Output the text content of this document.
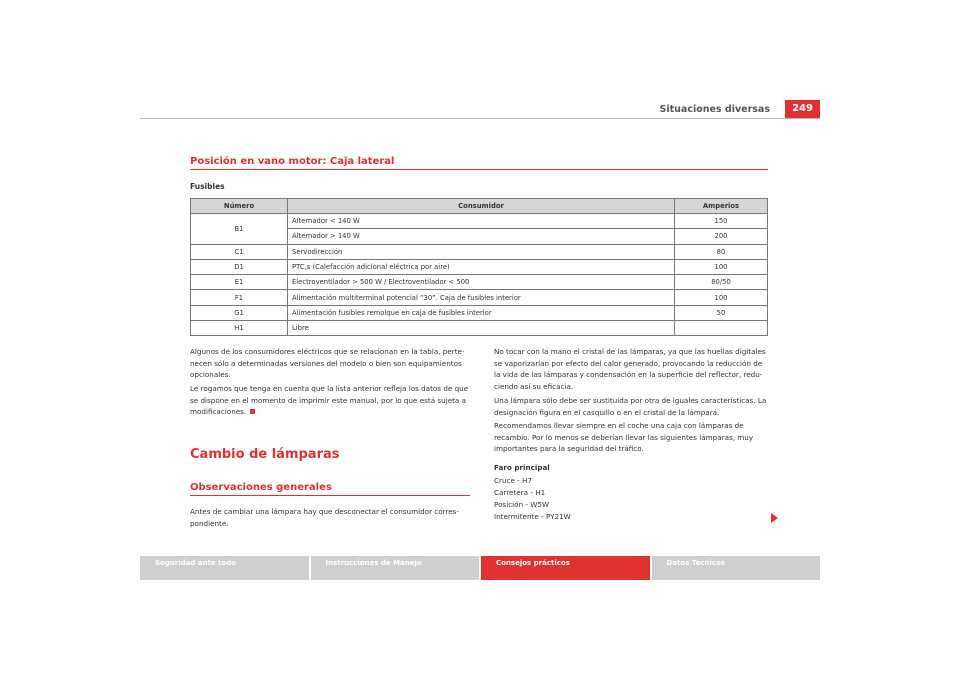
Situaciones diversas	249
Posición en vano motor: Caja lateral
Fusibles
Número	Consumidor	Amperios
B1	Alternador < 140 W	150
	Alternador > 140 W	200
C1	Servodirección	80
D1	PTC,s (Calefacción adicional eléctrica por aire)	100
E1	Electroventilador > 500 W / Electroventilador < 500	80/50
F1	Alimentación multiterminal potencial “30”. Caja de fusibles interior	100
G1	Alimentación fusibles remolque en caja de fusibles interior	50
H1	Libre	

Algunos de los consumidores eléctricos que se relacionan en la tabla, perte-necen sólo a determinadas versiones del modelo o bien son equipamientos opcionales.

Le rogamos que tenga en cuenta que la lista anterior refleja los datos de que se dispone en el momento de imprimir este manual, por lo que está sujeta a modificaciones.

Cambio de lámparas
Observaciones generales

Antes de cambiar una lámpara hay que desconectar el consumidor corres-pondiente.

No tocar con la mano el cristal de las lámparas, ya que las huellas digitales se vaporizarían por efecto del calor generado, provocando la reducción de la vida de las lámparas y condensación en la superficie del reflector, redu-ciendo así su eficacia.

Una lámpara sólo debe ser sustituida por otra de iguales características. La designación figura en el casquillo o en el cristal de la lámpara.

Recomendamos llevar siempre en el coche una caja con lámparas de recambio. Por lo menos se deberían llevar las siguientes lámparas, muy importantes para la seguridad del tráfico.

Faro principal
Cruce - H7
Carretera - H1
Posición - W5W
Intermitente - PY21W
Seguridad ante todo	Instrucciones de Manejo	Consejos prácticos	Datos Técnicos
